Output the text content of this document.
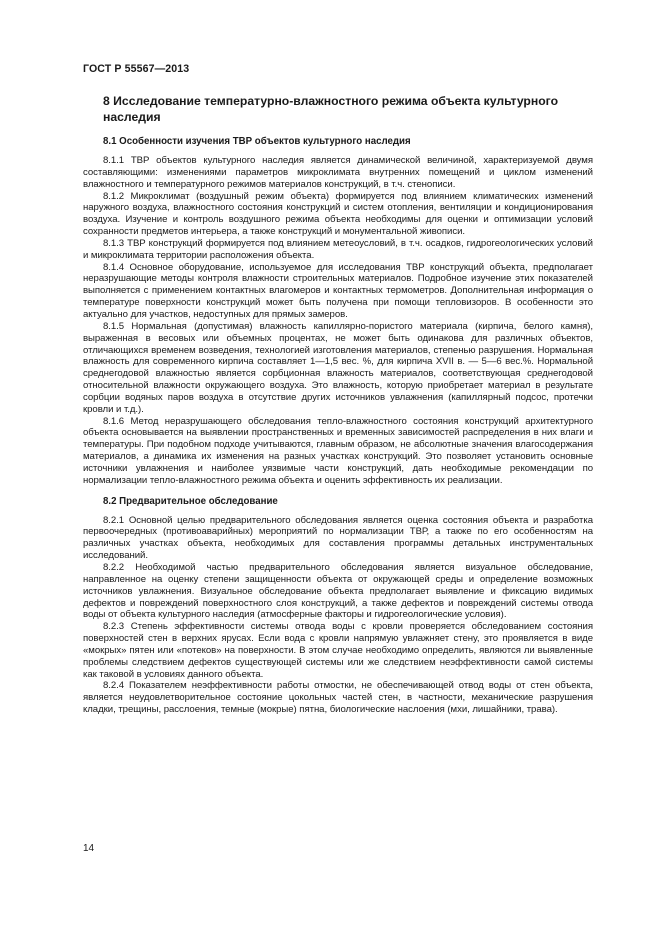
ГОСТ Р 55567—2013
8 Исследование температурно-влажностного режима объекта культурного наследия
8.1 Особенности изучения ТВР объектов культурного наследия

8.1.1 ТВР объектов культурного наследия является динамической величиной, характеризуемой двумя составляющими: изменениями параметров микроклимата внутренних помещений и циклом изменений влажностного и температурного режимов материалов конструкций, в т.ч. стенописи.

8.1.2 Микроклимат (воздушный режим объекта) формируется под влиянием климатических изменений наружного воздуха, влажностного состояния конструкций и систем отопления, вентиляции и кондиционирования воздуха. Изучение и контроль воздушного режима объекта необходимы для оценки и оптимизации условий сохранности предметов интерьера, а также конструкций и монументальной живописи.

8.1.3 ТВР конструкций формируется под влиянием метеоусловий, в т.ч. осадков, гидрогеологических условий и микроклимата территории расположения объекта.

8.1.4 Основное оборудование, используемое для исследования ТВР конструкций объекта, предполагает неразрушающие методы контроля влажности строительных материалов. Подробное изучение этих показателей выполняется с применением контактных влагомеров и контактных термометров. Дополнительная информация о температуре поверхности конструкций может быть получена при помощи тепловизоров. В особенности это актуально для участков, недоступных для прямых замеров.

8.1.5 Нормальная (допустимая) влажность капиллярно-пористого материала (кирпича, белого камня), выраженная в весовых или объемных процентах, не может быть одинакова для различных объектов, отличающихся временем возведения, технологией изготовления материалов, степенью разрушения. Нормальная влажность для современного кирпича составляет 1—1,5 вес. %, для кирпича XVII в. — 5—6 вес.%. Нормальной среднегодовой влажностью является сорбционная влажность материалов, соответствующая среднегодовой относительной влажности окружающего воздуха. Это влажность, которую приобретает материал в результате сорбции водяных паров воздуха в отсутствие других источников увлажнения (капиллярный подсос, протечки кровли и т.д.).

8.1.6 Метод неразрушающего обследования тепло-влажностного состояния конструкций архитектурного объекта основывается на выявлении пространственных и временных зависимостей распределения в них влаги и температуры. При подобном подходе учитываются, главным образом, не абсолютные значения влагосодержания материалов, а динамика их изменения на разных участках конструкций. Это позволяет установить основные источники увлажнения и наиболее уязвимые части конструкций, дать необходимые рекомендации по нормализации тепло-влажностного режима объекта и оценить эффективность их реализации.

8.2 Предварительное обследование

8.2.1 Основной целью предварительного обследования является оценка состояния объекта и разработка первоочередных (противоаварийных) мероприятий по нормализации ТВР, а также по его особенностям на различных участках объекта, необходимых для составления программы детальных инструментальных исследований.

8.2.2 Необходимой частью предварительного обследования является визуальное обследование, направленное на оценку степени защищенности объекта от окружающей среды и определение возможных источников увлажнения. Визуальное обследование объекта предполагает выявление и фиксацию видимых дефектов и повреждений поверхностного слоя конструкций, а также дефектов и повреждений системы отвода воды от объекта культурного наследия (атмосферные факторы и гидрогеологические условия).

8.2.3 Степень эффективности системы отвода воды с кровли проверяется обследованием состояния поверхностей стен в верхних ярусах. Если вода с кровли напрямую увлажняет стену, это проявляется в виде «мокрых» пятен или «потеков» на поверхности. В этом случае необходимо определить, являются ли выявленные проблемы следствием дефектов существующей системы или же следствием неэффективности самой системы как таковой в условиях данного объекта.

8.2.4 Показателем неэффективности работы отмостки, не обеспечивающей отвод воды от стен объекта, является неудовлетворительное состояние цокольных частей стен, в частности, механические разрушения кладки, трещины, расслоения, темные (мокрые) пятна, биологические наслоения (мхи, лишайники, трава).

14
